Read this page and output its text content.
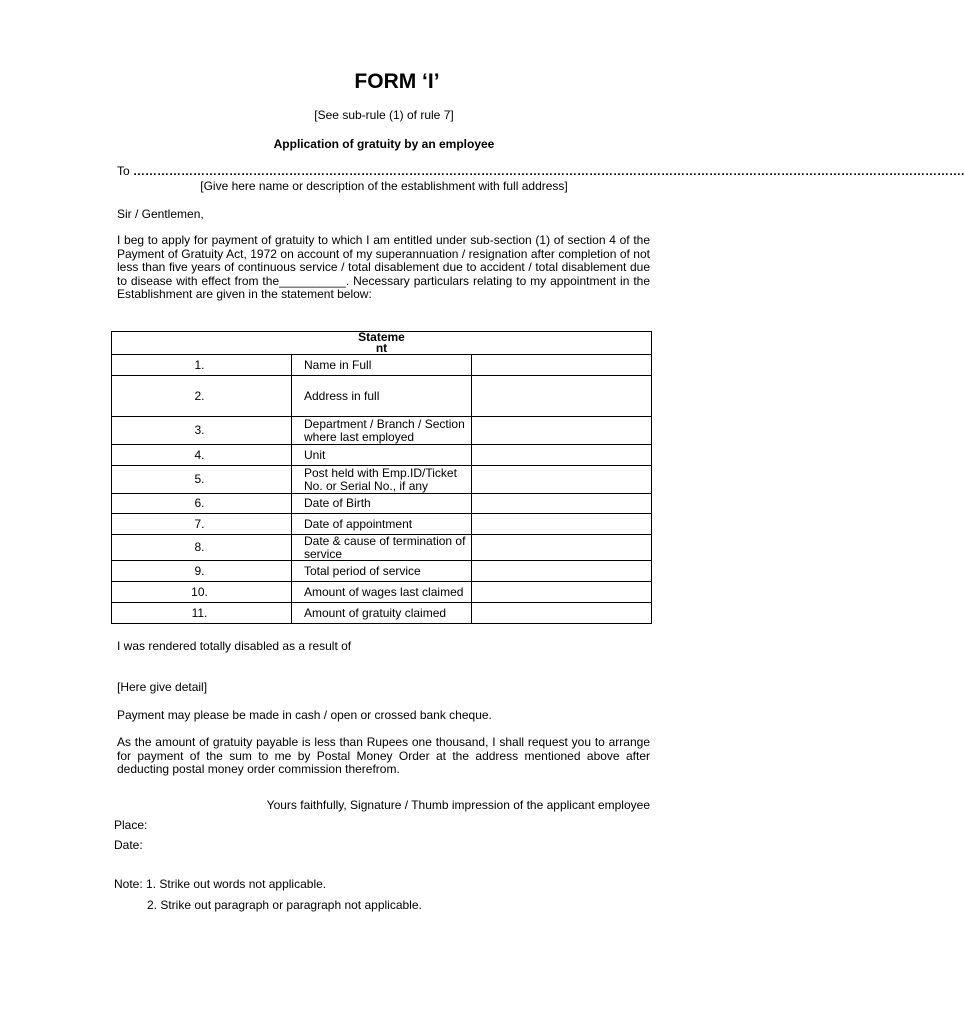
FORM ‘I’
[See sub-rule (1) of rule 7]
Application of gratuity by an employee
To ……………………………………………………………………………………………………………………………………………………………………………………….
[Give here name or description of the establishment with full address]
Sir / Gentlemen,
I beg to apply for payment of gratuity to which I am entitled under sub-section (1) of section 4 of the Payment of Gratuity Act, 1972 on account of my superannuation / resignation after completion of not less than five years of continuous service / total disablement due to accident / total disablement due to disease with effect from the__________. Necessary particulars relating to my appointment in the Establishment are given in the statement below:
Statement		
1.	Name in Full	
2.	Address in full	
3.	Department / Branch / Section where last employed	
4.	Unit	
5.	Post held with Emp.ID/Ticket No. or Serial No., if any	
6.	Date of Birth	
7.	Date of appointment	
8.	Date & cause of termination of service	
9.	Total period of service	
10.	Amount of wages last claimed	
11.	Amount of gratuity claimed	
I was rendered totally disabled as a result of
[Here give detail]
Payment may please be made in cash / open or crossed bank cheque.
As the amount of gratuity payable is less than Rupees one thousand, I shall request you to arrange for payment of the sum to me by Postal Money Order at the address mentioned above after deducting postal money order commission therefrom.
Yours faithfully, Signature / Thumb impression of the applicant employee
Place:
Date:
Note: 1. Strike out words not applicable.
2. Strike out paragraph or paragraph not applicable.
